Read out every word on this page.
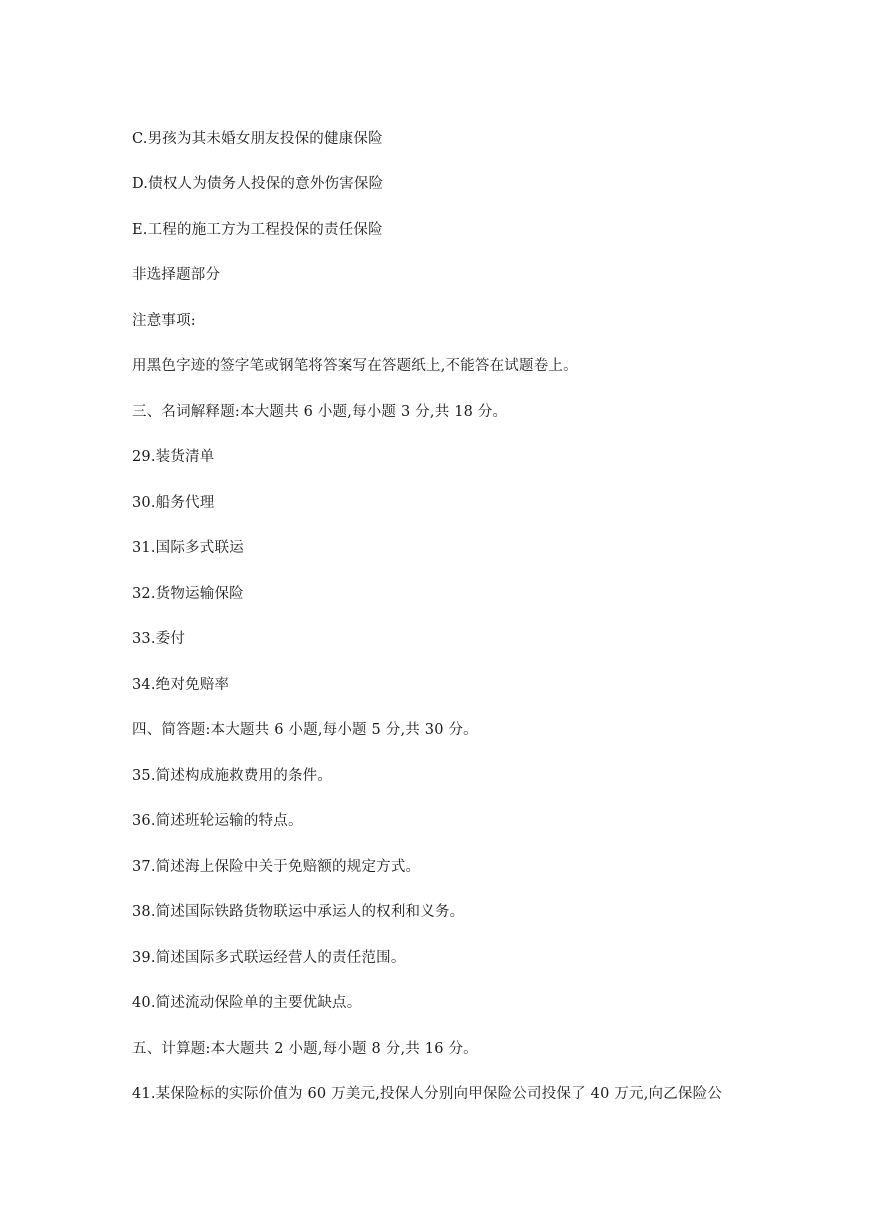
C.男孩为其未婚女朋友投保的健康保险
D.债权人为债务人投保的意外伤害保险
E.工程的施工方为工程投保的责任保险
非选择题部分
注意事项:
用黑色字迹的签字笔或钢笔将答案写在答题纸上,不能答在试题卷上。
三、名词解释题:本大题共 6 小题,每小题 3 分,共 18 分。
29.装货清单
30.船务代理
31.国际多式联运
32.货物运输保险
33.委付
34.绝对免赔率
四、简答题:本大题共 6 小题,每小题 5 分,共 30 分。
35.简述构成施救费用的条件。
36.简述班轮运输的特点。
37.简述海上保险中关于免赔额的规定方式。
38.简述国际铁路货物联运中承运人的权利和义务。
39.简述国际多式联运经营人的责任范围。
40.简述流动保险单的主要优缺点。
五、计算题:本大题共 2 小题,每小题 8 分,共 16 分。
41.某保险标的实际价值为 60 万美元,投保人分别向甲保险公司投保了 40 万元,向乙保险公
